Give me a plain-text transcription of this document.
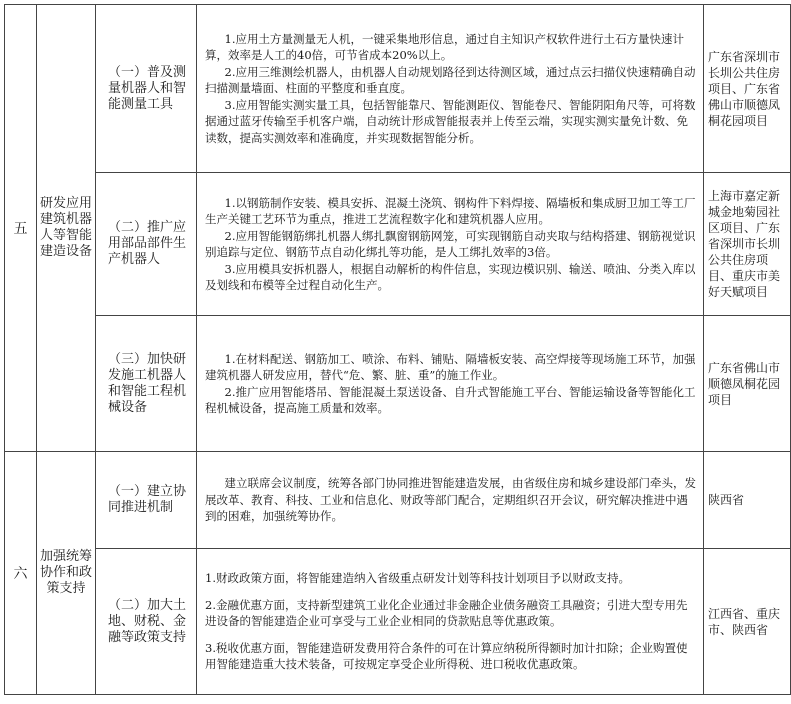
五	研发应用建筑机器人等智能建造设备	（一）普及测量机器人和智能测量工具	1.应用土方量测量无人机，一键采集地形信息，通过自主知识产权软件进行土石方量快速计算，效率是人工的40倍，可节省成本20%以上。

2.应用三维测绘机器人，由机器人自动规划路径到达待测区域，通过点云扫描仪快速精确自动扫描测量墙面、柱面的平整度和垂直度。

3.应用智能实测实量工具，包括智能靠尺、智能测距仪、智能卷尺、智能阴阳角尺等，可将数据通过蓝牙传输至手机客户端，自动统计形成智能报表并上传至云端，实现实测实量免计数、免读数，提高实测效率和准确度，并实现数据智能分析。	广东省深圳市长圳公共住房项目、广东省佛山市顺德凤桐花园项目
		（二）推广应用部品部件生产机器人	1.以钢筋制作安装、模具安拆、混凝土浇筑、钢构件下料焊接、隔墙板和集成厨卫加工等工厂生产关键工艺环节为重点，推进工艺流程数字化和建筑机器人应用。

2.应用智能钢筋绑扎机器人绑扎飘窗钢筋网笼，可实现钢筋自动夹取与结构搭建、钢筋视觉识别追踪与定位、钢筋节点自动化绑扎等功能，是人工绑扎效率的3倍。

3.应用模具安拆机器人，根据自动解析的构件信息，实现边模识别、输送、喷油、分类入库以及划线和布模等全过程自动化生产。	上海市嘉定新城金地菊园社区项目、广东省深圳市长圳公共住房项目、重庆市美好天赋项目
		（三）加快研发施工机器人和智能工程机械设备	1.在材料配送、钢筋加工、喷涂、布料、铺贴、隔墙板安装、高空焊接等现场施工环节，加强建筑机器人研发应用，替代“危、繁、脏、重”的施工作业。

2.推广应用智能塔吊、智能混凝土泵送设备、自升式智能施工平台、智能运输设备等智能化工程机械设备，提高施工质量和效率。	广东省佛山市顺德凤桐花园项目
六	加强统筹协作和政策支持	（一）建立协同推进机制	建立联席会议制度，统筹各部门协同推进智能建造发展，由省级住房和城乡建设部门牵头，发展改革、教育、科技、工业和信息化、财政等部门配合，定期组织召开会议，研究解决推进中遇到的困难，加强统筹协作。	陕西省
		（二）加大土地、财税、金融等政策支持	1.财政政策方面，将智能建造纳入省级重点研发计划等科技计划项目予以财政支持。

2.金融优惠方面，支持新型建筑工业化企业通过非金融企业债务融资工具融资；引进大型专用先进设备的智能建造企业可享受与工业企业相同的贷款贴息等优惠政策。

3.税收优惠方面，智能建造研发费用符合条件的可在计算应纳税所得额时加计扣除；企业购置使用智能建造重大技术装备，可按规定享受企业所得税、进口税收优惠政策。	江西省、重庆市、陕西省
